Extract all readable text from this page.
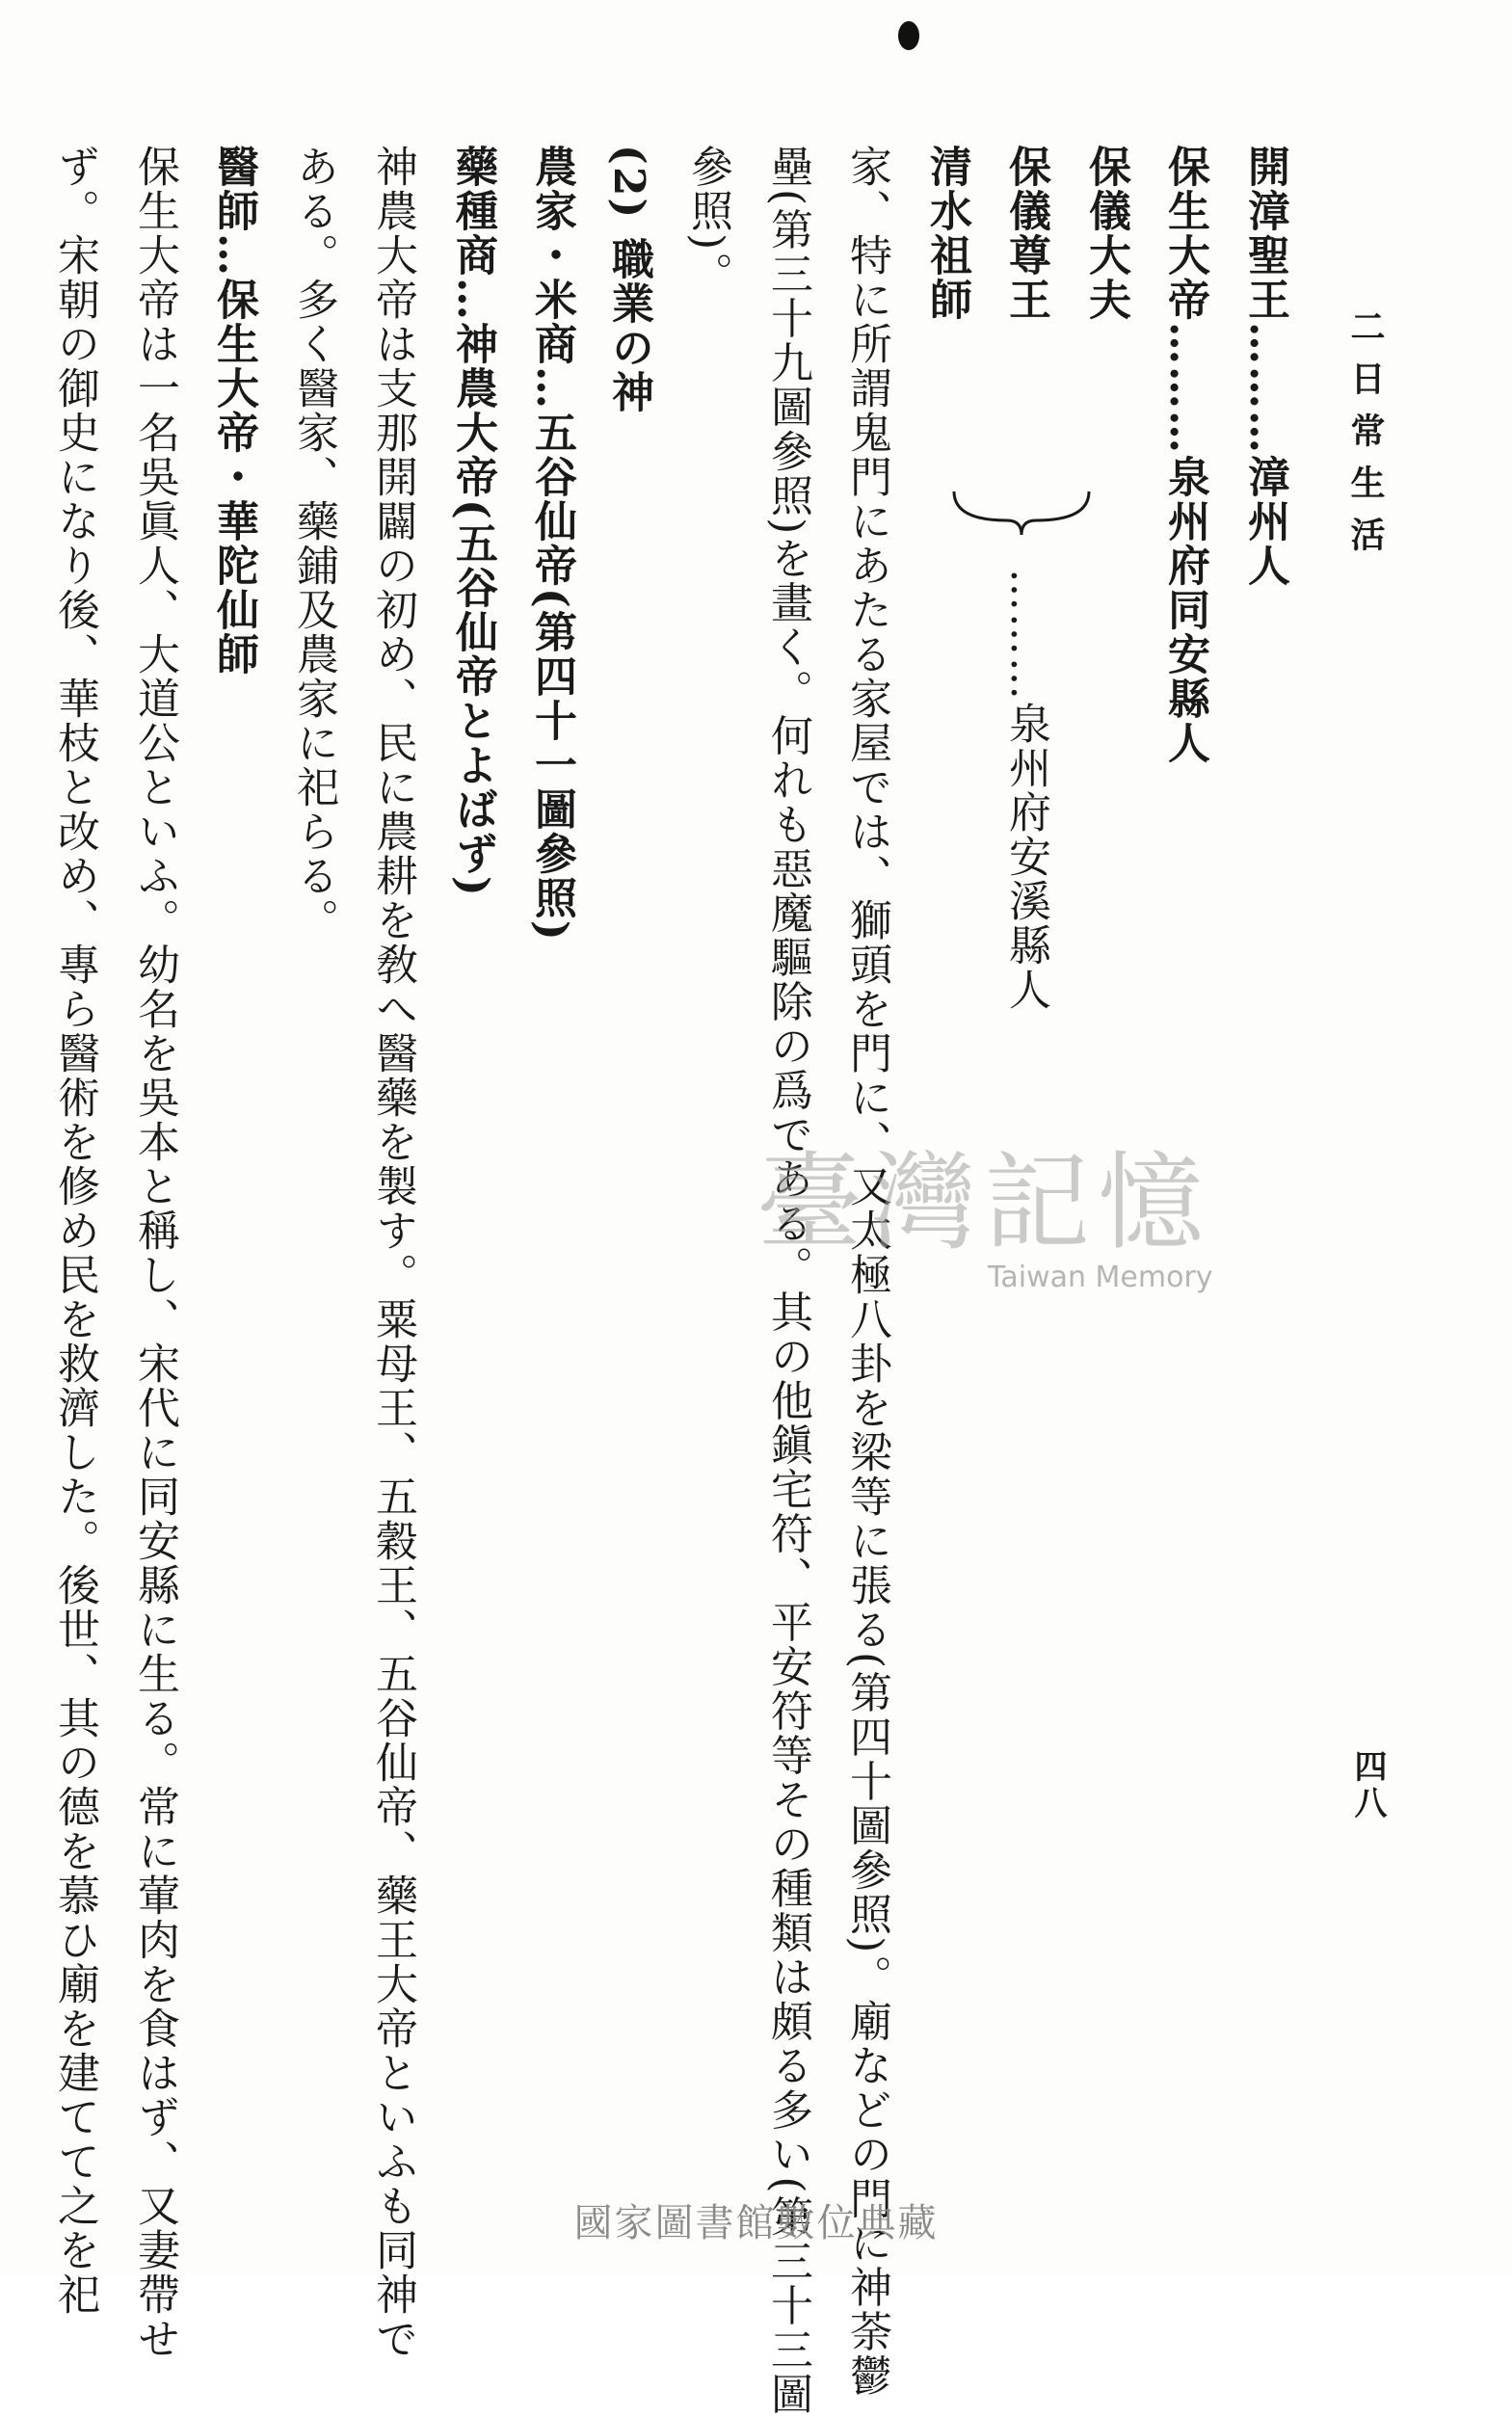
二日常生活
四八
開漳聖王………漳州人
保生大帝………泉州府同安縣人
保儀大夫
保儀尊王
清水祖師
………泉州府安溪縣人
家、特に所謂鬼門にあたる家屋では、獅頭を門に、又太極八卦を梁等に張る(第四十圖參照)。廟などの門に神荼鬱
壘(第三十九圖參照)を畫く。何れも惡魔驅除の爲である。其の他鎭宅符、平安符等その種類は頗る多い(第三十三圖
參照)。
(2) 職業の神
農家・米商…五谷仙帝(第四十一圖參照)
藥種商…神農大帝(五谷仙帝とよばず)
神農大帝は支那開闢の初め、民に農耕を敎へ醫藥を製す。粟母王、五穀王、五谷仙帝、藥王大帝といふも同神で
ある。多く醫家、藥鋪及農家に祀らる。
醫師…保生大帝・華陀仙師
保生大帝は一名吳眞人、大道公といふ。幼名を吳本と稱し、宋代に同安縣に生る。常に葷肉を食はず、又妻帶せ
ず。宋朝の御史になり後、華枝と改め、專ら醫術を修め民を救濟した。後世、其の德を慕ひ廟を建てて之を祀	臺灣記憶
Taiwan Memory
國家圖書館數位典藏
